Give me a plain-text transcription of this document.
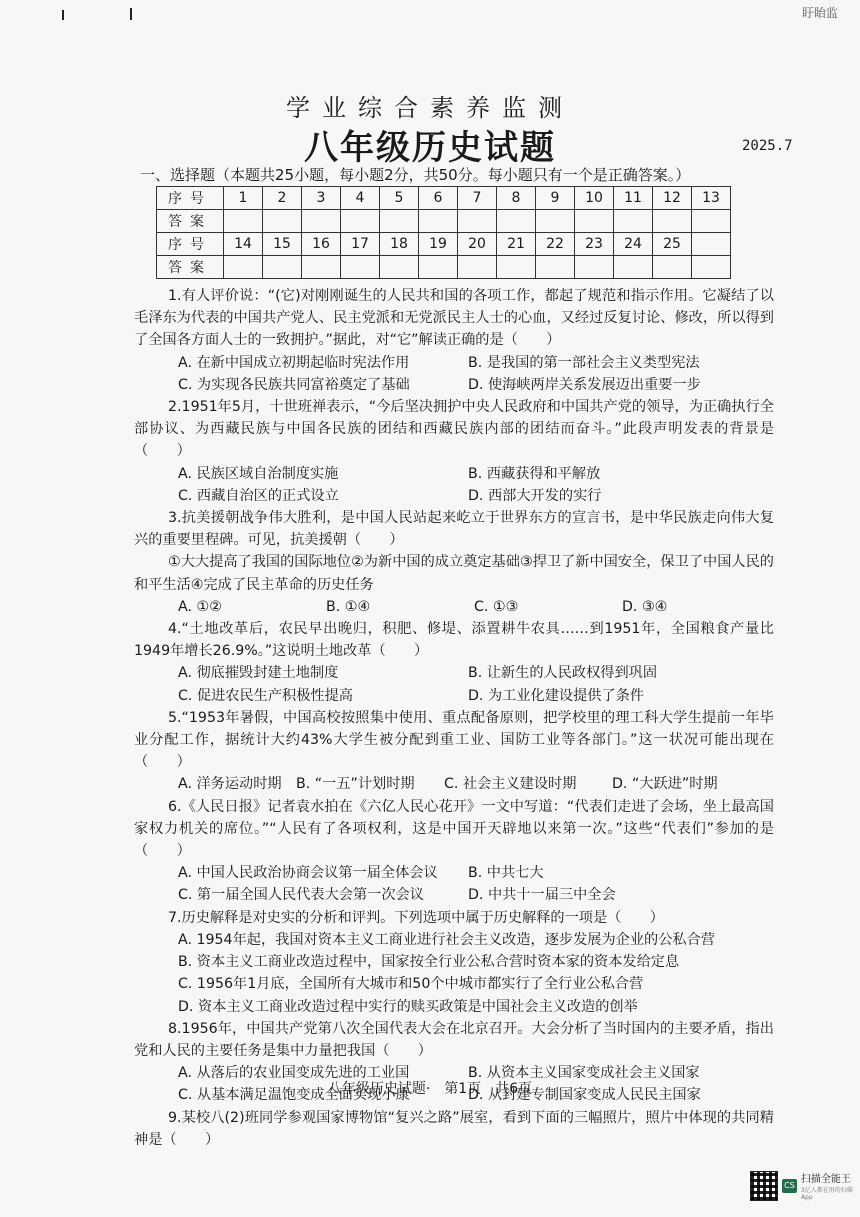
盱眙监
学业综合素养监测
八年级历史试题	2025.7
一、选择题（本题共25小题，每小题2分，共50分。每小题只有一个是正确答案。）
序号	1	2	3	4	5	6	7	8	9	10	11	12	13
答案													
序号	14	15	16	17	18	19	20	21	22	23	24	25	
答案													

1.有人评价说：“(它)对刚刚诞生的人民共和国的各项工作，都起了规范和指示作用。它凝结了以毛泽东为代表的中国共产党人、民主党派和无党派民主人士的心血，又经过反复讨论、修改，所以得到了全国各方面人士的一致拥护。”据此，对“它”解读正确的是（　　）

A. 在新中国成立初期起临时宪法作用	B. 是我国的第一部社会主义类型宪法
C. 为实现各民族共同富裕奠定了基础	D. 使海峡两岸关系发展迈出重要一步

2.1951年5月，十世班禅表示，“今后坚决拥护中央人民政府和中国共产党的领导，为正确执行全部协议、为西藏民族与中国各民族的团结和西藏民族内部的团结而奋斗。”此段声明发表的背景是（　　）

A. 民族区域自治制度实施	B. 西藏获得和平解放
C. 西藏自治区的正式设立	D. 西部大开发的实行

3.抗美援朝战争伟大胜利，是中国人民站起来屹立于世界东方的宣言书，是中华民族走向伟大复兴的重要里程碑。可见，抗美援朝（　　）

①大大提高了我国的国际地位②为新中国的成立奠定基础③捍卫了新中国安全，保卫了中国人民的和平生活④完成了民主革命的历史任务

A. ①②	B. ①④	C. ①③	D. ③④

4.“土地改革后，农民早出晚归，积肥、修堤、添置耕牛农具……到1951年，全国粮食产量比1949年增长26.9%。”这说明土地改革（　　）

A. 彻底摧毁封建土地制度	B. 让新生的人民政权得到巩固
C. 促进农民生产积极性提高	D. 为工业化建设提供了条件

5.“1953年暑假，中国高校按照集中使用、重点配备原则，把学校里的理工科大学生提前一年毕业分配工作，据统计大约43%大学生被分配到重工业、国防工业等各部门。”这一状况可能出现在（　　）

A. 洋务运动时期	B. “一五”计划时期	C. 社会主义建设时期	D. “大跃进”时期

6.《人民日报》记者袁水拍在《六亿人民心花开》一文中写道：“代表们走进了会场，坐上最高国家权力机关的席位。”“人民有了各项权利，这是中国开天辟地以来第一次。”这些“代表们”参加的是（　　）

A. 中国人民政治协商会议第一届全体会议	B. 中共七大
C. 第一届全国人民代表大会第一次会议	D. 中共十一届三中全会

7.历史解释是对史实的分析和评判。下列选项中属于历史解释的一项是（　　）

A. 1954年起，我国对资本主义工商业进行社会主义改造，逐步发展为企业的公私合营

B. 资本主义工商业改造过程中，国家按全行业公私合营时资本家的资本发给定息

C. 1956年1月底，全国所有大城市和50个中城市都实行了全行业公私合营

D. 资本主义工商业改造过程中实行的赎买政策是中国社会主义改造的创举

8.1956年，中国共产党第八次全国代表大会在北京召开。大会分析了当时国内的主要矛盾，指出党和人民的主要任务是集中力量把我国（　　）

A. 从落后的农业国变成先进的工业国	B. 从资本主义国家变成社会主义国家
C. 从基本满足温饱变成全面实现小康	D. 从封建专制国家变成人民民主国家

9.某校八(2)班同学参观国家博物馆“复兴之路”展室，看到下面的三幅照片，照片中体现的共同精神是（　　）

八年级历史试题·　第1页　共6页
CS 扫描全能王
3亿人都在用的扫描App
